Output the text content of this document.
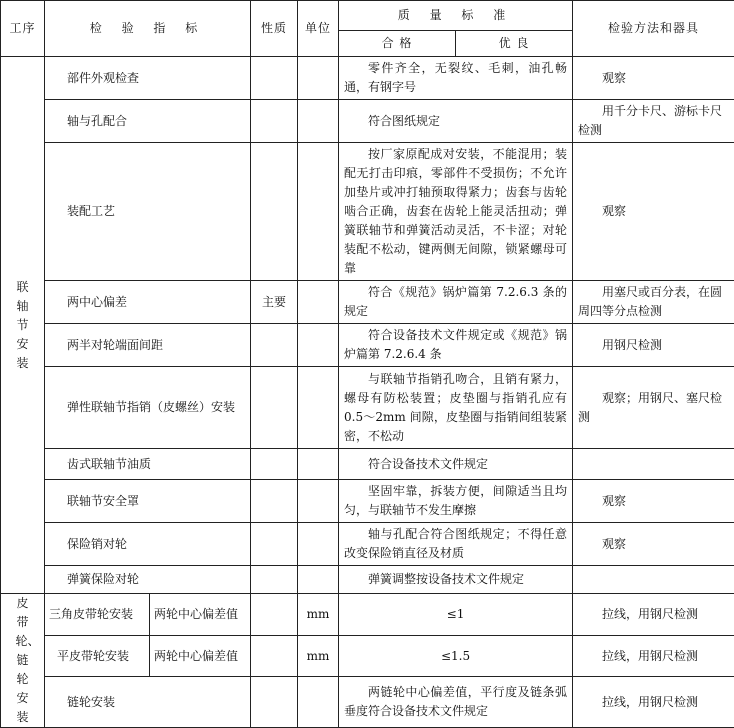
工序	检 验 指 标		性质	单位	质 量 标 准		检验方法和器具
					合 格	优 良	
联轴节安装	部件外观检查				零件齐全，无裂纹、毛刺，油孔畅通，有钢字号		观察

	轴与孔配合				符合图纸规定		用千分卡尺、游标卡尺检测

	装配工艺				按厂家原配成对安装，不能混用；装配无打击印痕，零部件不受损伤；不允许加垫片或冲打轴预取得紧力；齿套与齿轮啮合正确，齿套在齿轮上能灵活扭动；弹簧联轴节和弹簧活动灵活，不卡涩；对轮装配不松动，键两侧无间隙，锁紧螺母可靠		观察

	两中心偏差		主要		符合《规范》锅炉篇第 7.2.6.3 条的规定		用塞尺或百分表，在圆周四等分点检测

	两半对轮端面间距				符合设备技术文件规定或《规范》锅炉篇第 7.2.6.4 条		用钢尺检测

	弹性联轴节指销（皮螺丝）安装				与联轴节指销孔吻合，且销有紧力，螺母有防松装置；皮垫圈与指销孔应有 0.5～2mm 间隙，皮垫圈与指销间组装紧密，不松动		观察；用钢尺、塞尺检测

	齿式联轴节油质				符合设备技术文件规定		

	联轴节安全罩				坚固牢靠，拆装方便，间隙适当且均匀，与联轴节不发生摩擦		观察

	保险销对轮				轴与孔配合符合图纸规定；不得任意改变保险销直径及材质		观察

	弹簧保险对轮				弹簧调整按设备技术文件规定		

皮带轮、链轮安装	三角皮带轮安装	两轮中心偏差值		mm	≤1		拉线，用钢尺检测

	平皮带轮安装	两轮中心偏差值		mm	≤1.5		拉线，用钢尺检测

	链轮安装				两链轮中心偏差值，平行度及链条弧垂度符合设备技术文件规定		拉线，用钢尺检测
